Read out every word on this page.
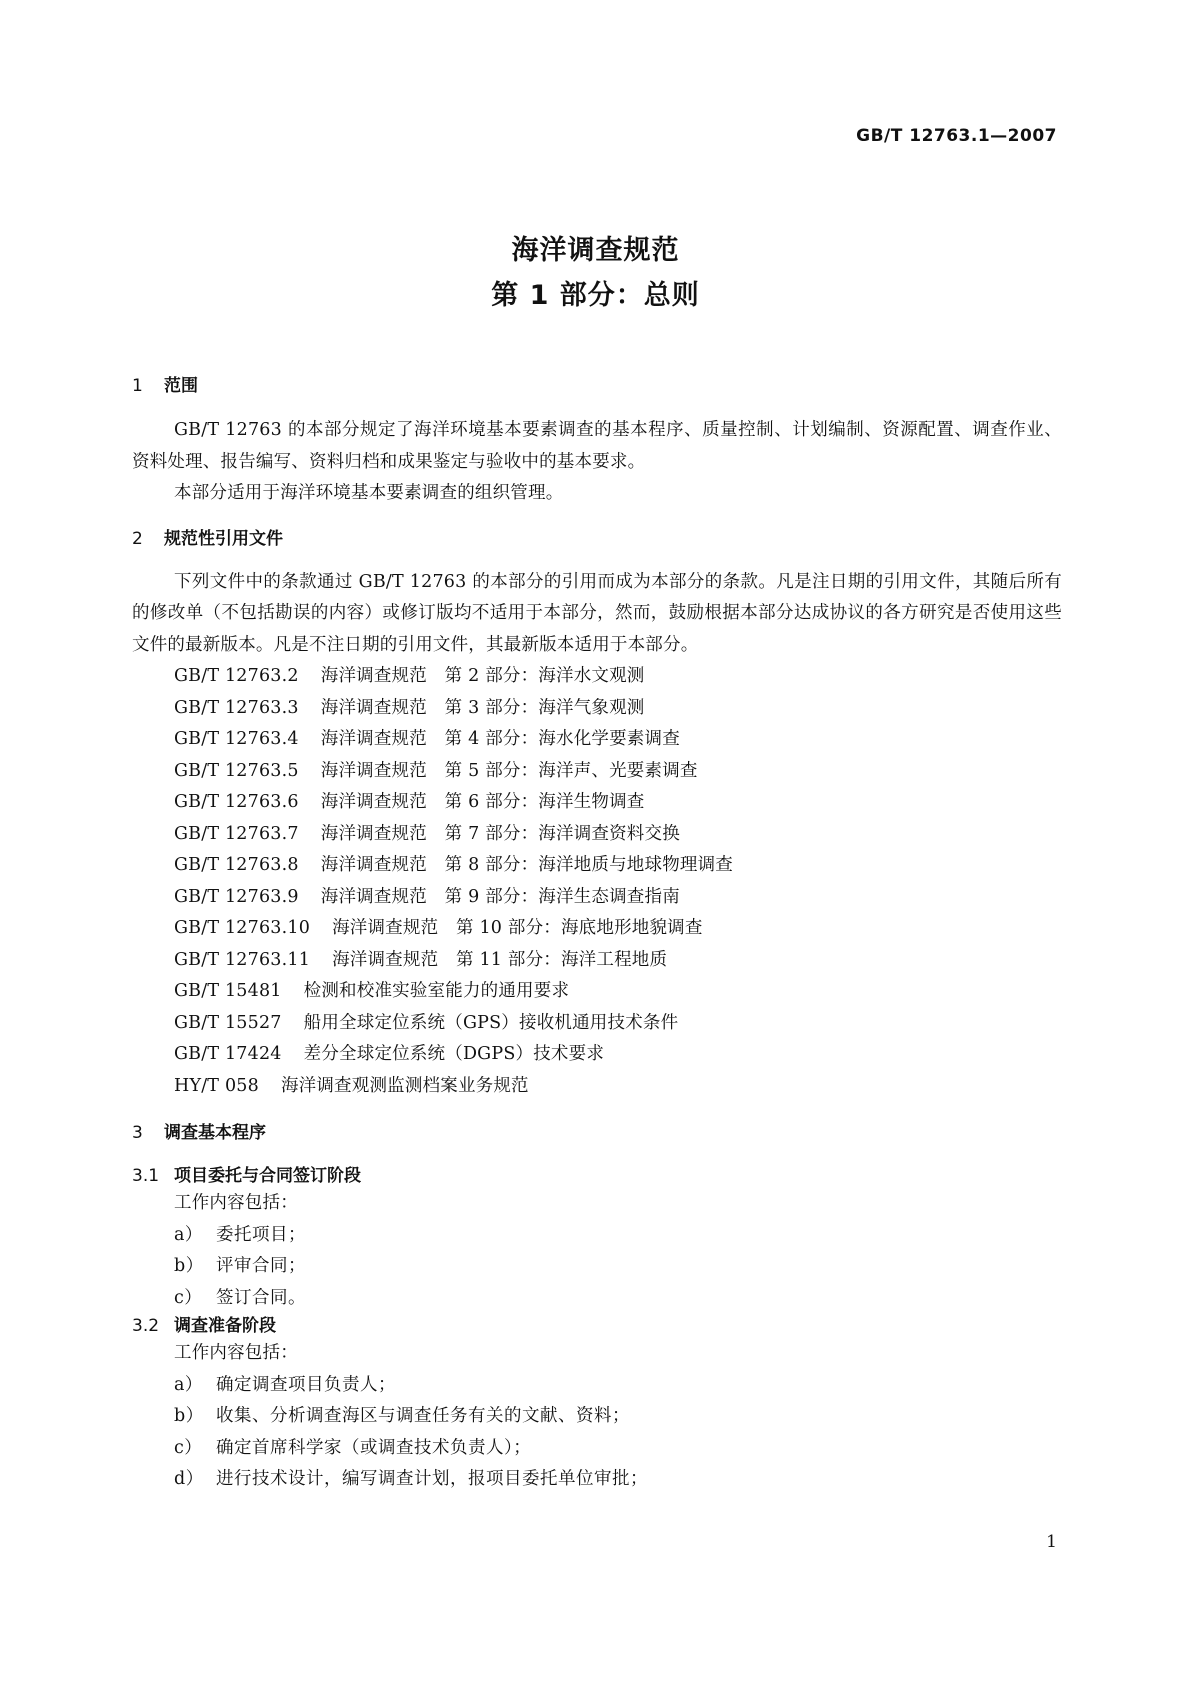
GB/T 12763.1—2007
海洋调查规范
第 1 部分：总则
1 范围

GB/T 12763 的本部分规定了海洋环境基本要素调查的基本程序、质量控制、计划编制、资源配置、调查作业、资料处理、报告编写、资料归档和成果鉴定与验收中的基本要求。

本部分适用于海洋环境基本要素调查的组织管理。

2 规范性引用文件

下列文件中的条款通过 GB/T 12763 的本部分的引用而成为本部分的条款。凡是注日期的引用文件，其随后所有的修改单（不包括勘误的内容）或修订版均不适用于本部分，然而，鼓励根据本部分达成协议的各方研究是否使用这些文件的最新版本。凡是不注日期的引用文件，其最新版本适用于本部分。

GB/T 12763.2 海洋调查规范　第 2 部分：海洋水文观测
GB/T 12763.3 海洋调查规范　第 3 部分：海洋气象观测
GB/T 12763.4 海洋调查规范　第 4 部分：海水化学要素调查
GB/T 12763.5 海洋调查规范　第 5 部分：海洋声、光要素调查
GB/T 12763.6 海洋调查规范　第 6 部分：海洋生物调查
GB/T 12763.7 海洋调查规范　第 7 部分：海洋调查资料交换
GB/T 12763.8 海洋调查规范　第 8 部分：海洋地质与地球物理调查
GB/T 12763.9 海洋调查规范　第 9 部分：海洋生态调查指南
GB/T 12763.10 海洋调查规范　第 10 部分：海底地形地貌调查
GB/T 12763.11 海洋调查规范　第 11 部分：海洋工程地质
GB/T 15481 检测和校准实验室能力的通用要求
GB/T 15527 船用全球定位系统（GPS）接收机通用技术条件
GB/T 17424 差分全球定位系统（DGPS）技术要求
HY/T 058 海洋调查观测监测档案业务规范
3 调查基本程序
3.1 项目委托与合同签订阶段

工作内容包括：

a） 委托项目；
b） 评审合同；
c） 签订合同。
3.2 调查准备阶段

工作内容包括：

a） 确定调查项目负责人；
b） 收集、分析调查海区与调查任务有关的文献、资料；
c） 确定首席科学家（或调查技术负责人）；
d） 进行技术设计，编写调查计划，报项目委托单位审批；
1
